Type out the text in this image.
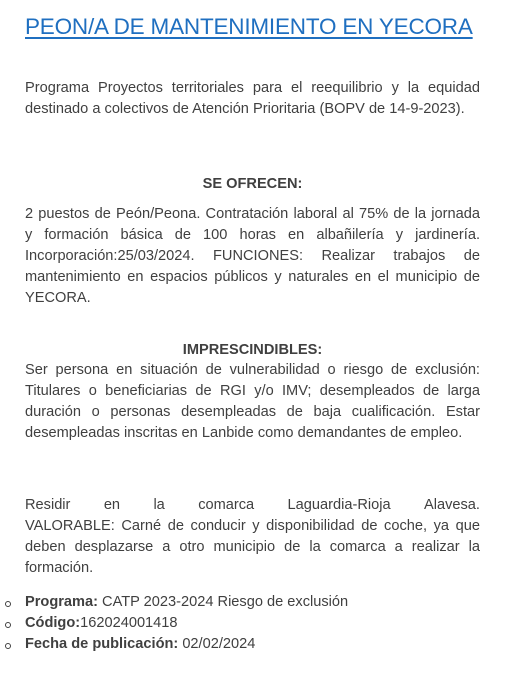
PEON/A DE MANTENIMIENTO EN YECORA

Programa Proyectos territoriales para el reequilibrio y la equidad destinado a colectivos de Atención Prioritaria (BOPV de 14-9-2023).

SE OFRECEN:

2 puestos de Peón/Peona. Contratación laboral al 75% de la jornada y formación básica de 100 horas en albañilería y jardinería. Incorporación:25/03/2024. FUNCIONES: Realizar trabajos de mantenimiento en espacios públicos y naturales en el municipio de YECORA.

IMPRESCINDIBLES:

Ser persona en situación de vulnerabilidad o riesgo de exclusión: Titulares o beneficiarias de RGI y/o IMV; desempleados de larga duración o personas desempleadas de baja cualificación. Estar desempleadas inscritas en Lanbide como demandantes de empleo.

Residir en la comarca Laguardia-Rioja Alavesa.
VALORABLE: Carné de conducir y disponibilidad de coche, ya que deben desplazarse a otro municipio de la comarca a realizar la formación.
Programa: CATP 2023-2024 Riesgo de exclusión
Código:162024001418
Fecha de publicación: 02/02/2024
